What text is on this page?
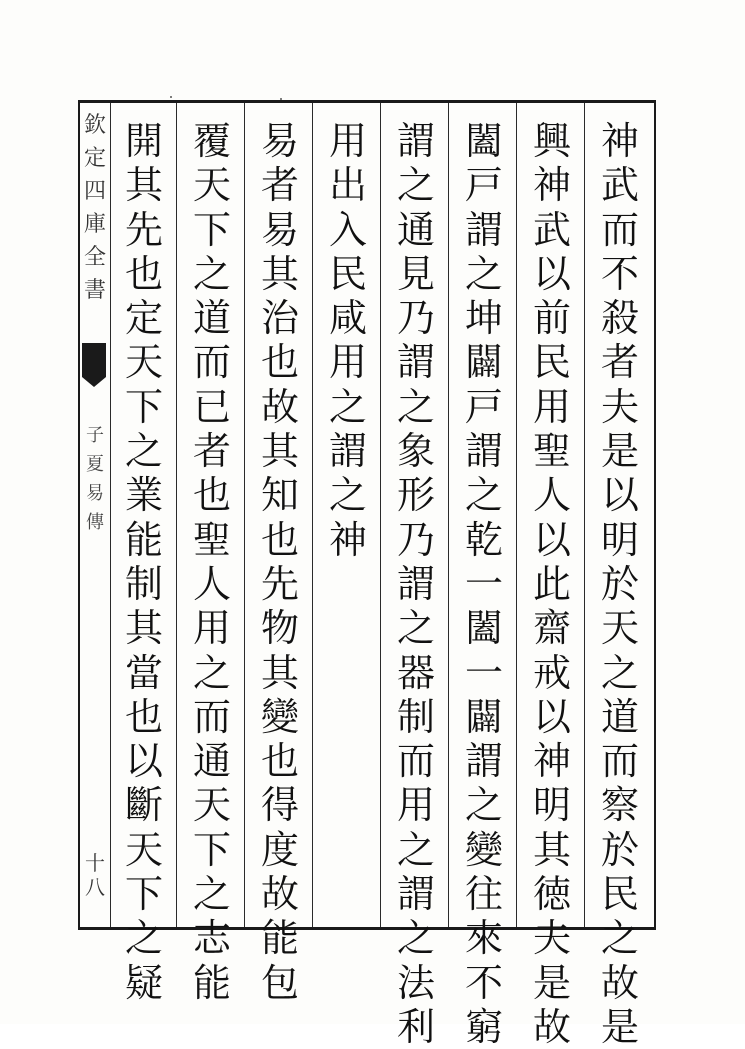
欽
定
四
庫
全
書
子
夏
易
傳
十
八
神
武
而
不
殺
者
夫
是
以
明
於
天
之
道
而
察
於
民
之
故
是
興
神
武
以
前
民
用
聖
人
以
此
齋
戒
以
神
明
其
徳
夫
是
故
闔
戸
謂
之
坤
闢
戸
謂
之
乾
一
闔
一
闢
謂
之
變
往
來
不
窮
謂
之
通
見
乃
謂
之
象
形
乃
謂
之
器
制
而
用
之
謂
之
法
利
用
出
入
民
咸
用
之
謂
之
神
易
者
易
其
治
也
故
其
知
也
先
物
其
變
也
得
度
故
能
包
覆
天
下
之
道
而
已
者
也
聖
人
用
之
而
通
天
下
之
志
能
開
其
先
也
定
天
下
之
業
能
制
其
當
也
以
斷
天
下
之
疑
